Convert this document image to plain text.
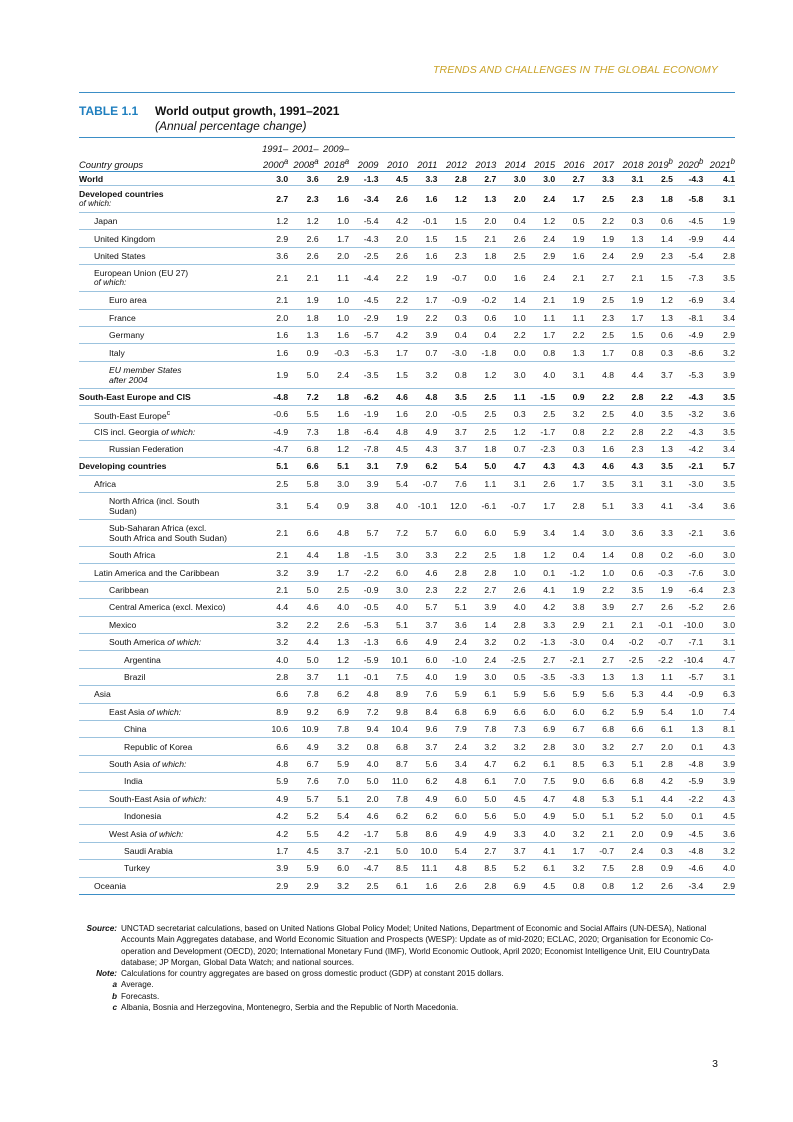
TRENDS AND CHALLENGES IN THE GLOBAL ECONOMY
TABLE 1.1 World output growth, 1991–2021
(Annual percentage change)
	1991–	2001–	2009–													
Country groups	2000$^a$	2008$^a$	2018$^a$	2009	2010	2011	2012	2013	2014	2015	2016	2017	2018	2019$^b$	2020$^b$	2021$^b$
World	3.0	3.6	2.9	-1.3	4.5	3.3	2.8	2.7	3.0	3.0	2.7	3.3	3.1	2.5	-4.3	4.1
Developed countries
of which:	2.7	2.3	1.6	-3.4	2.6	1.6	1.2	1.3	2.0	2.4	1.7	2.5	2.3	1.8	-5.8	3.1
Japan	1.2	1.2	1.0	-5.4	4.2	-0.1	1.5	2.0	0.4	1.2	0.5	2.2	0.3	0.6	-4.5	1.9
United Kingdom	2.9	2.6	1.7	-4.3	2.0	1.5	1.5	2.1	2.6	2.4	1.9	1.9	1.3	1.4	-9.9	4.4
United States	3.6	2.6	2.0	-2.5	2.6	1.6	2.3	1.8	2.5	2.9	1.6	2.4	2.9	2.3	-5.4	2.8
European Union (EU 27)
of which:	2.1	2.1	1.1	-4.4	2.2	1.9	-0.7	0.0	1.6	2.4	2.1	2.7	2.1	1.5	-7.3	3.5
Euro area	2.1	1.9	1.0	-4.5	2.2	1.7	-0.9	-0.2	1.4	2.1	1.9	2.5	1.9	1.2	-6.9	3.4
France	2.0	1.8	1.0	-2.9	1.9	2.2	0.3	0.6	1.0	1.1	1.1	2.3	1.7	1.3	-8.1	3.4
Germany	1.6	1.3	1.6	-5.7	4.2	3.9	0.4	0.4	2.2	1.7	2.2	2.5	1.5	0.6	-4.9	2.9
Italy	1.6	0.9	-0.3	-5.3	1.7	0.7	-3.0	-1.8	0.0	0.8	1.3	1.7	0.8	0.3	-8.6	3.2
EU member States
after 2004	1.9	5.0	2.4	-3.5	1.5	3.2	0.8	1.2	3.0	4.0	3.1	4.8	4.4	3.7	-5.3	3.9
South-East Europe and CIS	-4.8	7.2	1.8	-6.2	4.6	4.8	3.5	2.5	1.1	-1.5	0.9	2.2	2.8	2.2	-4.3	3.5
South-East Europe$^c$	-0.6	5.5	1.6	-1.9	1.6	2.0	-0.5	2.5	0.3	2.5	3.2	2.5	4.0	3.5	-3.2	3.6
CIS incl. Georgia of which:	-4.9	7.3	1.8	-6.4	4.8	4.9	3.7	2.5	1.2	-1.7	0.8	2.2	2.8	2.2	-4.3	3.5
Russian Federation	-4.7	6.8	1.2	-7.8	4.5	4.3	3.7	1.8	0.7	-2.3	0.3	1.6	2.3	1.3	-4.2	3.4
Developing countries	5.1	6.6	5.1	3.1	7.9	6.2	5.4	5.0	4.7	4.3	4.3	4.6	4.3	3.5	-2.1	5.7
Africa	2.5	5.8	3.0	3.9	5.4	-0.7	7.6	1.1	3.1	2.6	1.7	3.5	3.1	3.1	-3.0	3.5
North Africa (incl. South
Sudan)	3.1	5.4	0.9	3.8	4.0	-10.1	12.0	-6.1	-0.7	1.7	2.8	5.1	3.3	4.1	-3.4	3.6
Sub-Saharan Africa (excl.
South Africa and South Sudan)	2.1	6.6	4.8	5.7	7.2	5.7	6.0	6.0	5.9	3.4	1.4	3.0	3.6	3.3	-2.1	3.6
South Africa	2.1	4.4	1.8	-1.5	3.0	3.3	2.2	2.5	1.8	1.2	0.4	1.4	0.8	0.2	-6.0	3.0
Latin America and the Caribbean	3.2	3.9	1.7	-2.2	6.0	4.6	2.8	2.8	1.0	0.1	-1.2	1.0	0.6	-0.3	-7.6	3.0
Caribbean	2.1	5.0	2.5	-0.9	3.0	2.3	2.2	2.7	2.6	4.1	1.9	2.2	3.5	1.9	-6.4	2.3
Central America (excl. Mexico)	4.4	4.6	4.0	-0.5	4.0	5.7	5.1	3.9	4.0	4.2	3.8	3.9	2.7	2.6	-5.2	2.6
Mexico	3.2	2.2	2.6	-5.3	5.1	3.7	3.6	1.4	2.8	3.3	2.9	2.1	2.1	-0.1	-10.0	3.0
South America of which:	3.2	4.4	1.3	-1.3	6.6	4.9	2.4	3.2	0.2	-1.3	-3.0	0.4	-0.2	-0.7	-7.1	3.1
Argentina	4.0	5.0	1.2	-5.9	10.1	6.0	-1.0	2.4	-2.5	2.7	-2.1	2.7	-2.5	-2.2	-10.4	4.7
Brazil	2.8	3.7	1.1	-0.1	7.5	4.0	1.9	3.0	0.5	-3.5	-3.3	1.3	1.3	1.1	-5.7	3.1
Asia	6.6	7.8	6.2	4.8	8.9	7.6	5.9	6.1	5.9	5.6	5.9	5.6	5.3	4.4	-0.9	6.3
East Asia of which:	8.9	9.2	6.9	7.2	9.8	8.4	6.8	6.9	6.6	6.0	6.0	6.2	5.9	5.4	1.0	7.4
China	10.6	10.9	7.8	9.4	10.4	9.6	7.9	7.8	7.3	6.9	6.7	6.8	6.6	6.1	1.3	8.1
Republic of Korea	6.6	4.9	3.2	0.8	6.8	3.7	2.4	3.2	3.2	2.8	3.0	3.2	2.7	2.0	0.1	4.3
South Asia of which:	4.8	6.7	5.9	4.0	8.7	5.6	3.4	4.7	6.2	6.1	8.5	6.3	5.1	2.8	-4.8	3.9
India	5.9	7.6	7.0	5.0	11.0	6.2	4.8	6.1	7.0	7.5	9.0	6.6	6.8	4.2	-5.9	3.9
South-East Asia of which:	4.9	5.7	5.1	2.0	7.8	4.9	6.0	5.0	4.5	4.7	4.8	5.3	5.1	4.4	-2.2	4.3
Indonesia	4.2	5.2	5.4	4.6	6.2	6.2	6.0	5.6	5.0	4.9	5.0	5.1	5.2	5.0	0.1	4.5
West Asia of which:	4.2	5.5	4.2	-1.7	5.8	8.6	4.9	4.9	3.3	4.0	3.2	2.1	2.0	0.9	-4.5	3.6
Saudi Arabia	1.7	4.5	3.7	-2.1	5.0	10.0	5.4	2.7	3.7	4.1	1.7	-0.7	2.4	0.3	-4.8	3.2
Turkey	3.9	5.9	6.0	-4.7	8.5	11.1	4.8	8.5	5.2	6.1	3.2	7.5	2.8	0.9	-4.6	4.0
Oceania	2.9	2.9	3.2	2.5	6.1	1.6	2.6	2.8	6.9	4.5	0.8	0.8	1.2	2.6	-3.4	2.9
Source: UNCTAD secretariat calculations, based on United Nations Global Policy Model; United Nations, Department of Economic and Social Affairs (UN-DESA), National Accounts Main Aggregates database, and World Economic Situation and Prospects (WESP): Update as of mid-2020; ECLAC, 2020; Organisation for Economic Co-operation and Development (OECD), 2020; International Monetary Fund (IMF), World Economic Outlook, April 2020; Economist Intelligence Unit, EIU CountryData database; JP Morgan, Global Data Watch; and national sources.
Note: Calculations for country aggregates are based on gross domestic product (GDP) at constant 2015 dollars.
a Average.
b Forecasts.
c Albania, Bosnia and Herzegovina, Montenegro, Serbia and the Republic of North Macedonia.
3
